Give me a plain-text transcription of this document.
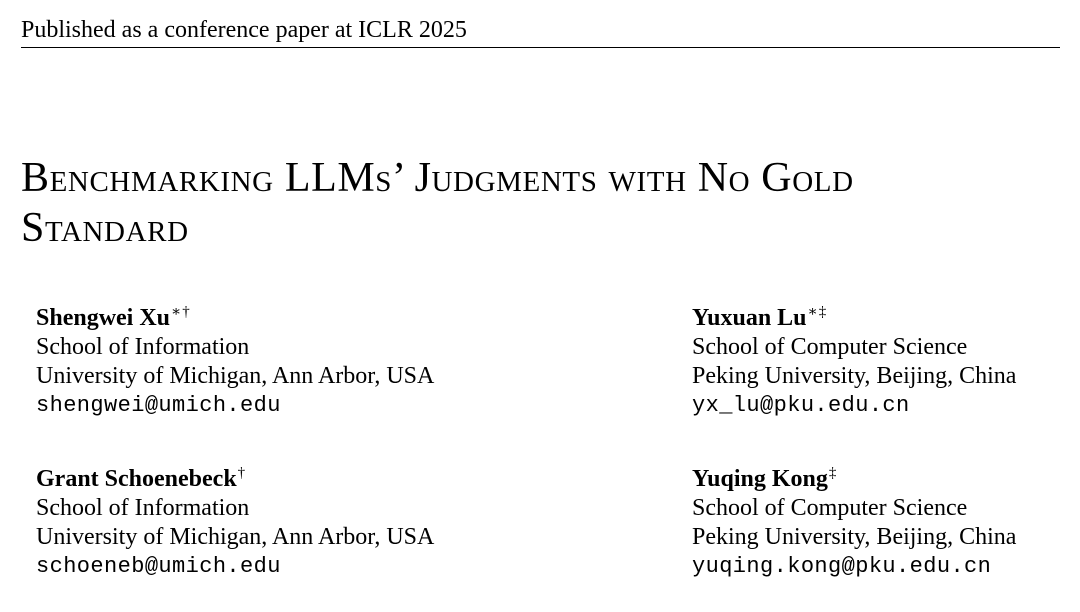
Published as a conference paper at ICLR 2025
Benchmarking LLMs’ Judgments with No Gold
Standard
Shengwei Xu∗†
School of Information
University of Michigan, Ann Arbor, USA
shengwei@umich.edu
Yuxuan Lu∗‡
School of Computer Science
Peking University, Beijing, China
yx_lu@pku.edu.cn
Grant Schoenebeck†
School of Information
University of Michigan, Ann Arbor, USA
schoeneb@umich.edu
Yuqing Kong‡
School of Computer Science
Peking University, Beijing, China
yuqing.kong@pku.edu.cn
